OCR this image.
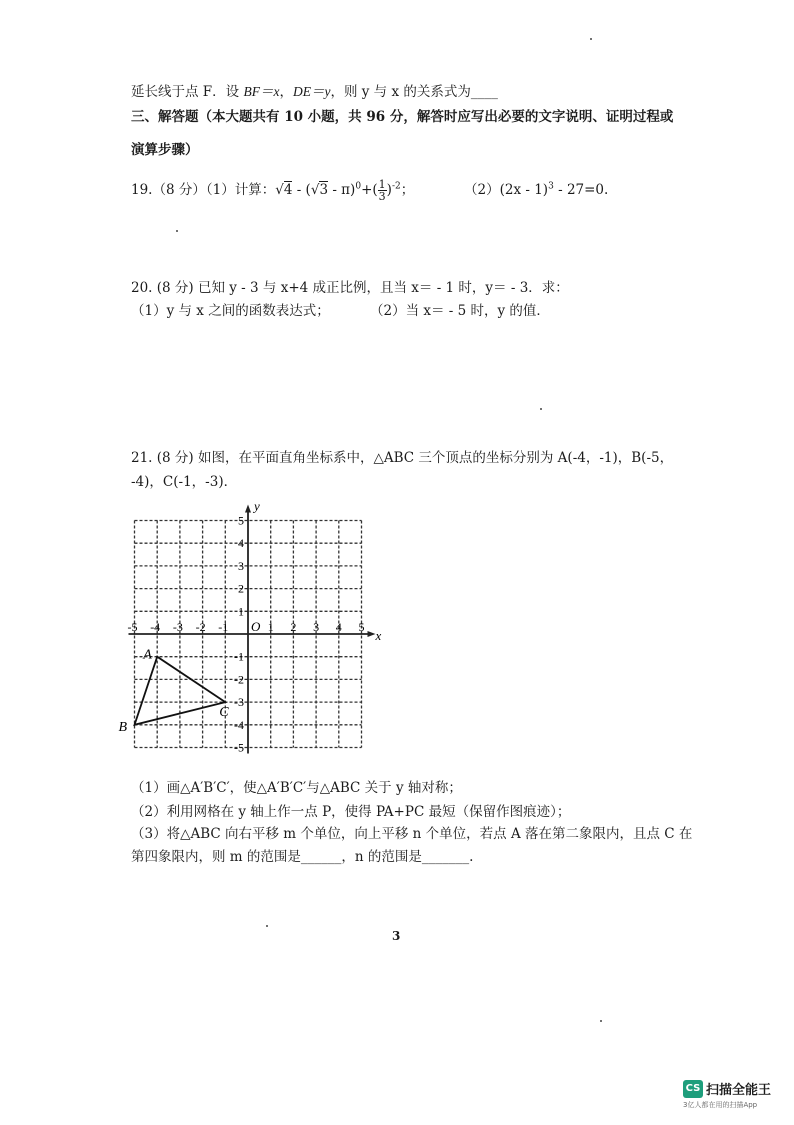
延长线于点 F．设 BF＝x，DE＝y，则 y 与 x 的关系式为____
三、解答题（本大题共有 10 小题，共 96 分，解答时应写出必要的文字说明、证明过程或
演算步骤）
19.（8 分）（1）计算：$√4 - (√3 - \pi)^0+( \frac{1}{3} )^{-2}$；	（2）(2x - 1)$^3$ - 27=0.
20. (8 分) 已知 y - 3 与 x+4 成正比例，且当 x＝ - 1 时，y＝ - 3．求：
（1）y 与 x 之间的函数表达式；	（2）当 x＝ - 5 时，y 的值．
21. (8 分) 如图，在平面直角坐标系中，△ABC 三个顶点的坐标分别为 A(-4，-1)，B(-5，
-4)，C(-1，-3)．
x
y
O
-5 -4 -3 -2 -1	1 2 3 4 5
5
4
3
2
1
-1
-2
-3
-4
-5
A
B
C
（1）画△A′B′C′，使△A′B′C′与△ABC 关于 y 轴对称；
（2）利用网格在 y 轴上作一点 P，使得 PA+PC 最短（保留作图痕迹）；
（3）将△ABC 向右平移 m 个单位，向上平移 n 个单位，若点 A 落在第二象限内，且点 C 在
第四象限内，则 m 的范围是______，n 的范围是_______.
3
CS 扫描全能王
3亿人都在用的扫描App
